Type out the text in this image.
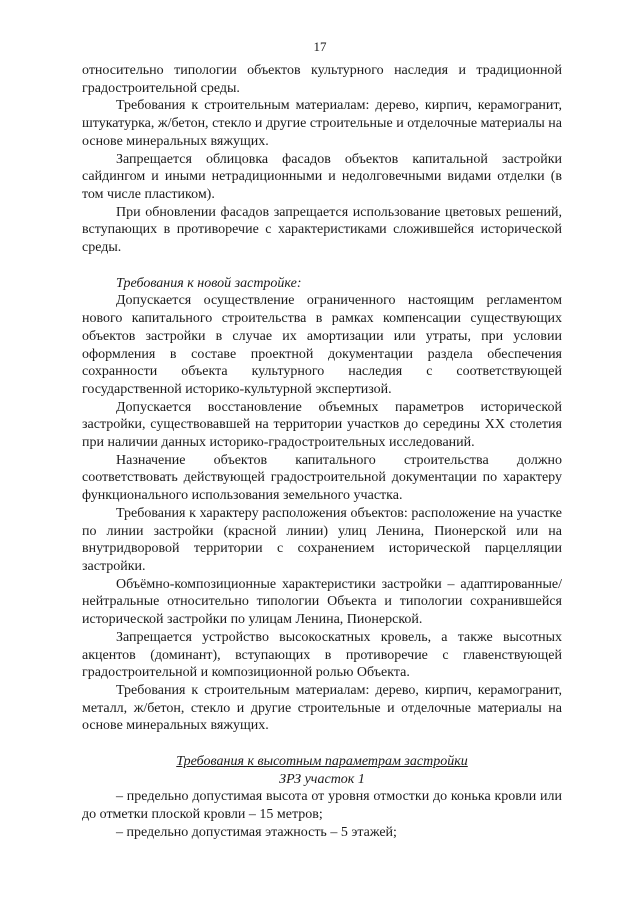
17

относительно типологии объектов культурного наследия и традиционной градостроительной среды.

Требования к строительным материалам: дерево, кирпич, керамогранит, штукатурка, ж/бетон, стекло и другие строительные и отделочные материалы на основе минеральных вяжущих.

Запрещается облицовка фасадов объектов капитальной застройки сайдингом и иными нетрадиционными и недолговечными видами отделки (в том числе пластиком).

При обновлении фасадов запрещается использование цветовых решений, вступающих в противоречие с характеристиками сложившейся исторической среды.

Требования к новой застройке:

Допускается осуществление ограниченного настоящим регламентом нового капитального строительства в рамках компенсации существующих объектов застройки в случае их амортизации или утраты, при условии оформления в составе проектной документации раздела обеспечения сохранности объекта культурного наследия с соответствующей государственной историко-культурной экспертизой.

Допускается восстановление объемных параметров исторической застройки, существовавшей на территории участков до середины XX столетия при наличии данных историко-градостроительных исследований.

Назначение объектов капитального строительства должно соответствовать действующей градостроительной документации по характеру функционального использования земельного участка.

Требования к характеру расположения объектов: расположение на участке по линии застройки (красной линии) улиц Ленина, Пионерской или на внутридворовой территории с сохранением исторической парцелляции застройки.

Объёмно-композиционные характеристики застройки – адаптированные/ нейтральные относительно типологии Объекта и типологии сохранившейся исторической застройки по улицам Ленина, Пионерской.

Запрещается устройство высокоскатных кровель, а также высотных акцентов (доминант), вступающих в противоречие с главенствующей градостроительной и композиционной ролью Объекта.

Требования к строительным материалам: дерево, кирпич, керамогранит, металл, ж/бетон, стекло и другие строительные и отделочные материалы на основе минеральных вяжущих.

Требования к высотным параметрам застройки

ЗРЗ участок 1

– предельно допустимая высота от уровня отмостки до конька кровли или до отметки плоской кровли – 15 метров;

– предельно допустимая этажность – 5 этажей;
